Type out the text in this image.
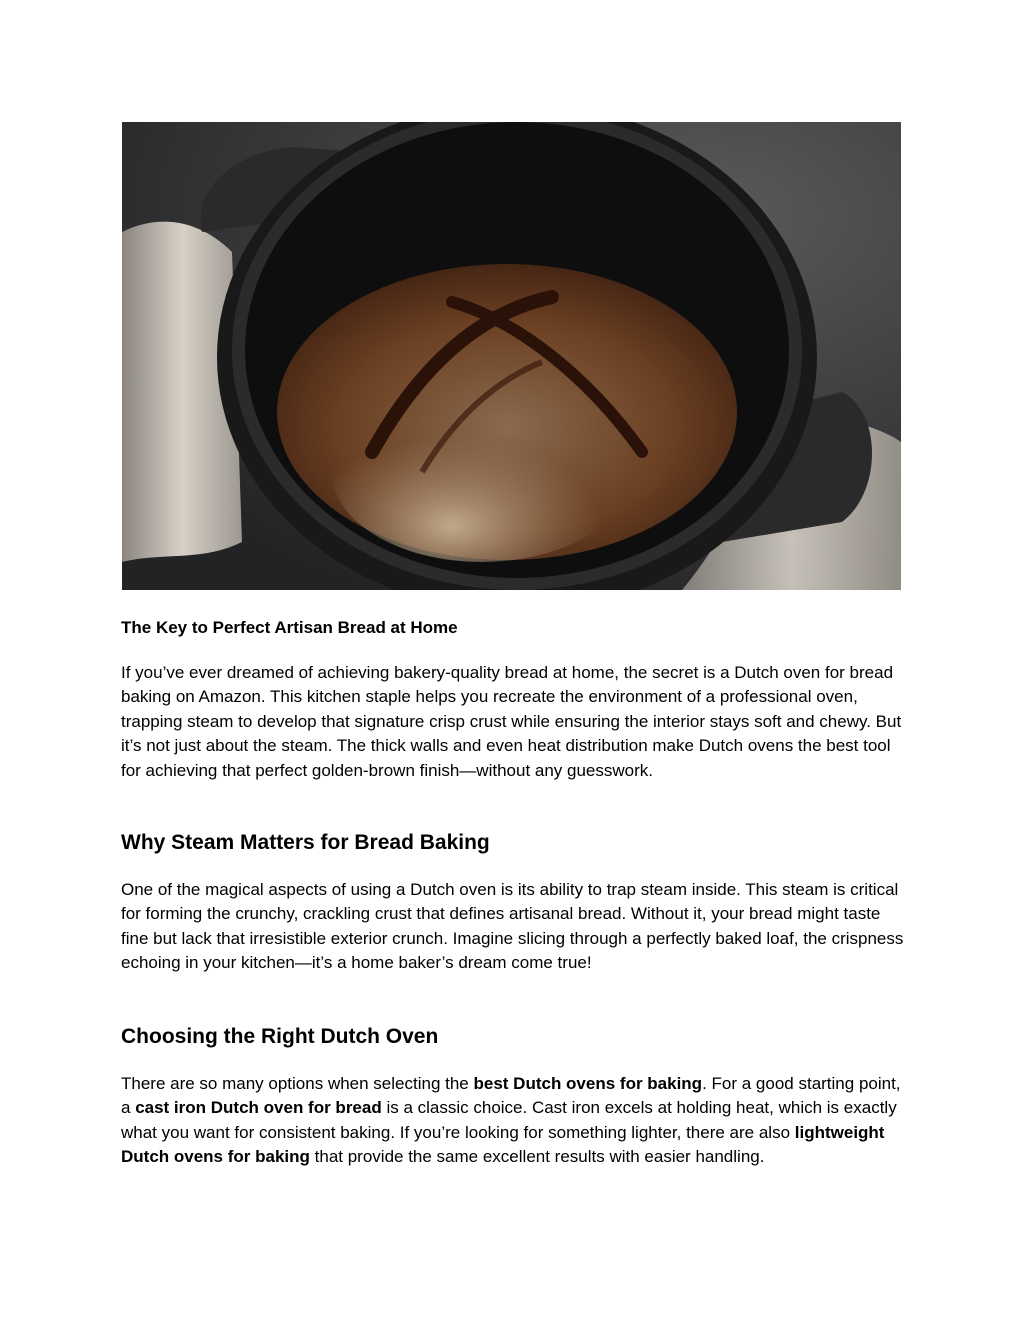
The Key to Perfect Artisan Bread at Home

If you’ve ever dreamed of achieving bakery-quality bread at home, the secret is a Dutch oven for bread baking on Amazon. This kitchen staple helps you recreate the environment of a professional oven, trapping steam to develop that signature crisp crust while ensuring the interior stays soft and chewy. But it’s not just about the steam. The thick walls and even heat distribution make Dutch ovens the best tool for achieving that perfect golden-brown finish—without any guesswork.

Why Steam Matters for Bread Baking

One of the magical aspects of using a Dutch oven is its ability to trap steam inside. This steam is critical for forming the crunchy, crackling crust that defines artisanal bread. Without it, your bread might taste fine but lack that irresistible exterior crunch. Imagine slicing through a perfectly baked loaf, the crispness echoing in your kitchen—it’s a home baker’s dream come true!

Choosing the Right Dutch Oven

There are so many options when selecting the best Dutch ovens for baking. For a good starting point, a cast iron Dutch oven for bread is a classic choice. Cast iron excels at holding heat, which is exactly what you want for consistent baking. If you’re looking for something lighter, there are also lightweight Dutch ovens for baking that provide the same excellent results with easier handling.
